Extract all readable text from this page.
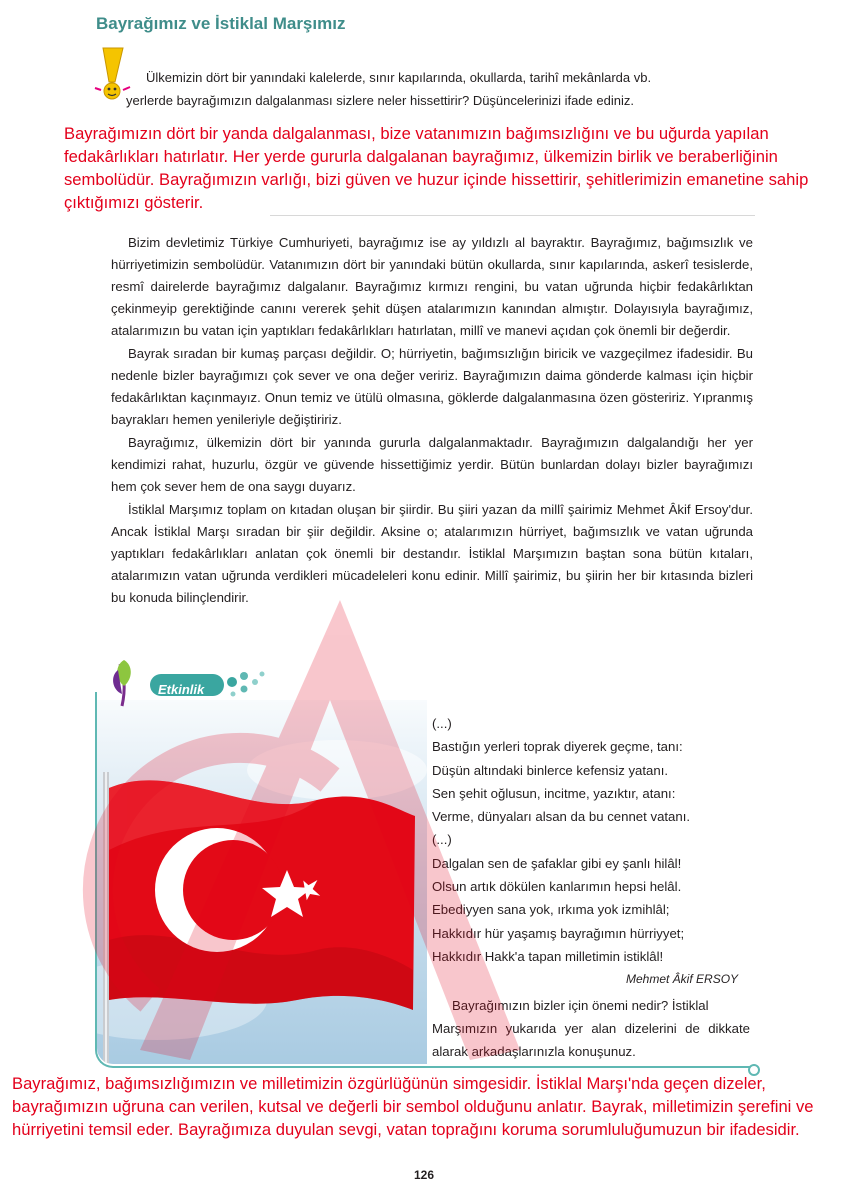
Bayrağımız ve İstiklal Marşımız
Ülkemizin dört bir yanındaki kalelerde, sınır kapılarında, okullarda, tarihî mekânlarda vb.
yerlerde bayrağımızın dalgalanması sizlere neler hissettirir? Düşüncelerinizi ifade ediniz.
Bayrağımızın dört bir yanda dalgalanması, bize vatanımızın bağımsızlığını ve bu uğurda yapılan fedakârlıkları hatırlatır. Her yerde gururla dalgalanan bayrağımız, ülkemizin birlik ve beraberliğinin sembolüdür. Bayrağımızın varlığı, bizi güven ve huzur içinde hissettirir, şehitlerimizin emanetine sahip çıktığımızı gösterir.

Bizim devletimiz Türkiye Cumhuriyeti, bayrağımız ise ay yıldızlı al bayraktır. Bayrağımız, bağımsızlık ve hürriyetimizin sembolüdür. Vatanımızın dört bir yanındaki bütün okullarda, sınır kapılarında, askerî tesislerde, resmî dairelerde bayrağımız dalgalanır. Bayrağımız kırmızı rengini, bu vatan uğrunda hiçbir fedakârlıktan çekinmeyip gerektiğinde canını vererek şehit düşen atalarımızın kanından almıştır. Dolayısıyla bayrağımız, atalarımızın bu vatan için yaptıkları fedakârlıkları hatırlatan, millî ve manevi açıdan çok önemli bir değerdir.

Bayrak sıradan bir kumaş parçası değildir. O; hürriyetin, bağımsızlığın biricik ve vazgeçilmez ifadesidir. Bu nedenle bizler bayrağımızı çok sever ve ona değer veririz. Bayrağımızın daima gönderde kalması için hiçbir fedakârlıktan kaçınmayız. Onun temiz ve ütülü olmasına, göklerde dalgalanmasına özen gösteririz. Yıpranmış bayrakları hemen yenileriyle değiştiririz.

Bayrağımız, ülkemizin dört bir yanında gururla dalgalanmaktadır. Bayrağımızın dalgalandığı her yer kendimizi rahat, huzurlu, özgür ve güvende hissettiğimiz yerdir. Bütün bunlardan dolayı bizler bayrağımızı hem çok sever hem de ona saygı duyarız.

İstiklal Marşımız toplam on kıtadan oluşan bir şiirdir. Bu şiiri yazan da millî şairimiz Mehmet Âkif Ersoy'dur. Ancak İstiklal Marşı sıradan bir şiir değildir. Aksine o; atalarımızın hürriyet, bağımsızlık ve vatan uğrunda yaptıkları fedakârlıkları anlatan çok önemli bir destandır. İstiklal Marşımızın baştan sona bütün kıtaları, atalarımızın vatan uğrunda verdikleri mücadeleleri konu edinir. Millî şairimiz, bu şiirin her bir kıtasında bizleri bu konuda bilinçlendirir.

Etkinlik
(...)
Bastığın yerleri toprak diyerek geçme, tanı:
Düşün altındaki binlerce kefensiz yatanı.
Sen şehit oğlusun, incitme, yazıktır, atanı:
Verme, dünyaları alsan da bu cennet vatanı.
(...)
Dalgalan sen de şafaklar gibi ey şanlı hilâl!
Olsun artık dökülen kanlarımın hepsi helâl.
Ebediyyen sana yok, ırkıma yok izmihlâl;
Hakkıdır hür yaşamış bayrağımın hürriyyet;
Hakkıdır Hakk'a tapan milletimin istiklâl!
Mehmet Âkif ERSOY
Bayrağımızın bizler için önemi nedir? İstiklal
Marşımızın yukarıda yer alan dizelerini de dikkate alarak arkadaşlarınızla konuşunuz.
Bayrağımız, bağımsızlığımızın ve milletimizin özgürlüğünün simgesidir. İstiklal Marşı'nda geçen dizeler, bayrağımızın uğruna can verilen, kutsal ve değerli bir sembol olduğunu anlatır. Bayrak, milletimizin şerefini ve hürriyetini temsil eder. Bayrağımıza duyulan sevgi, vatan toprağını koruma sorumluluğumuzun bir ifadesidir.
126
